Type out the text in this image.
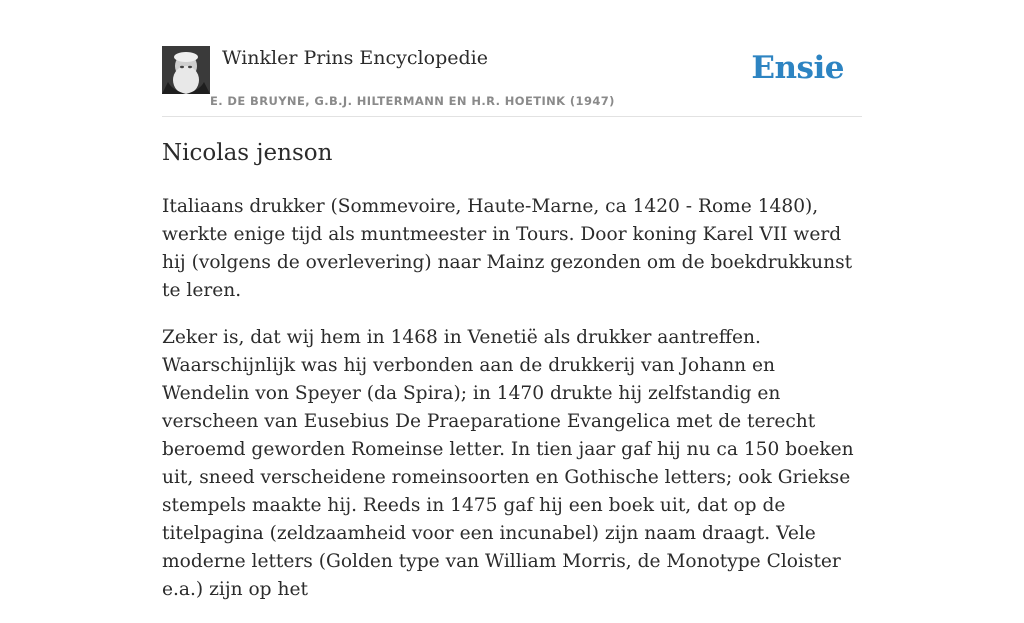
Winkler Prins Encyclopedie
E. DE BRUYNE, G.B.J. HILTERMANN EN H.R. HOETINK (1947)
Ensie
Nicolas jenson

Italiaans drukker (Sommevoire, Haute-Marne, ca 1420 - Rome 1480), werkte enige tijd als muntmeester in Tours. Door koning Karel VII werd hij (volgens de overlevering) naar Mainz gezonden om de boekdrukkunst te leren.

Zeker is, dat wij hem in 1468 in Venetië als drukker aantreffen. Waarschijnlijk was hij verbonden aan de drukkerij van Johann en Wendelin von Speyer (da Spira); in 1470 drukte hij zelfstandig en verscheen van Eusebius De Praeparatione Evangelica met de terecht beroemd geworden Romeinse letter. In tien jaar gaf hij nu ca 150 boeken uit, sneed verscheidene romeinsoorten en Gothische letters; ook Griekse stempels maakte hij. Reeds in 1475 gaf hij een boek uit, dat op de titelpagina (zeldzaamheid voor een incunabel) zijn naam draagt. Vele moderne letters (Golden type van William Morris, de Monotype Cloister e.a.) zijn op het
